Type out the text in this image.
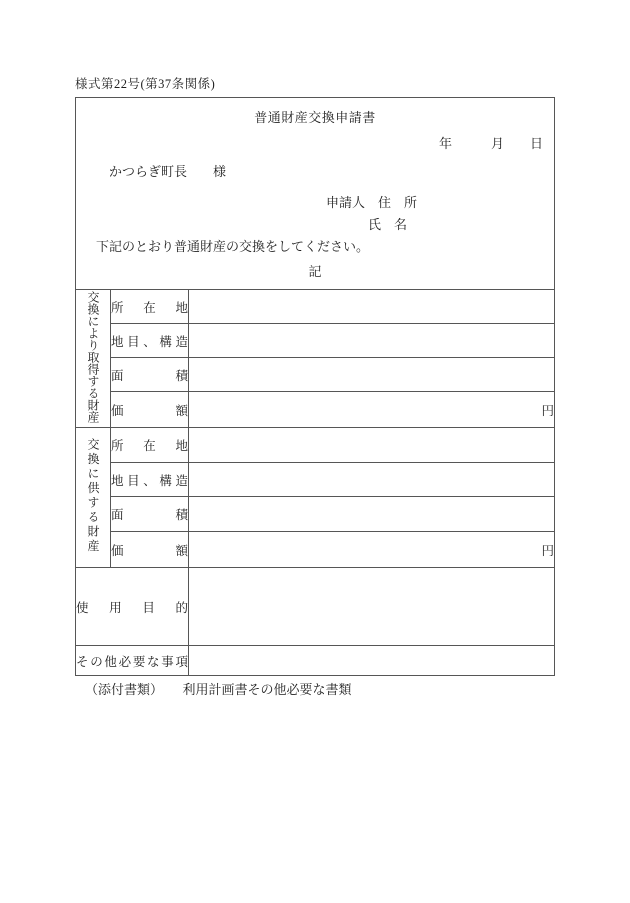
様式第22号(第37条関係)
普通財産交換申請書
年　　　月　　日
かつらぎ町長　　様
申請人　住　所
氏　名
下記のとおり普通財産の交換をしてください。
記
交換により取得する財産	所在地	
	地目、構造	
	面積	
	価額	円
交換に供する財産	所在地	
	地目、構造	
	面積	
	価額	円
使用目的		
その他必要な事項		
（添付書類）　　利用計画書その他必要な書類
